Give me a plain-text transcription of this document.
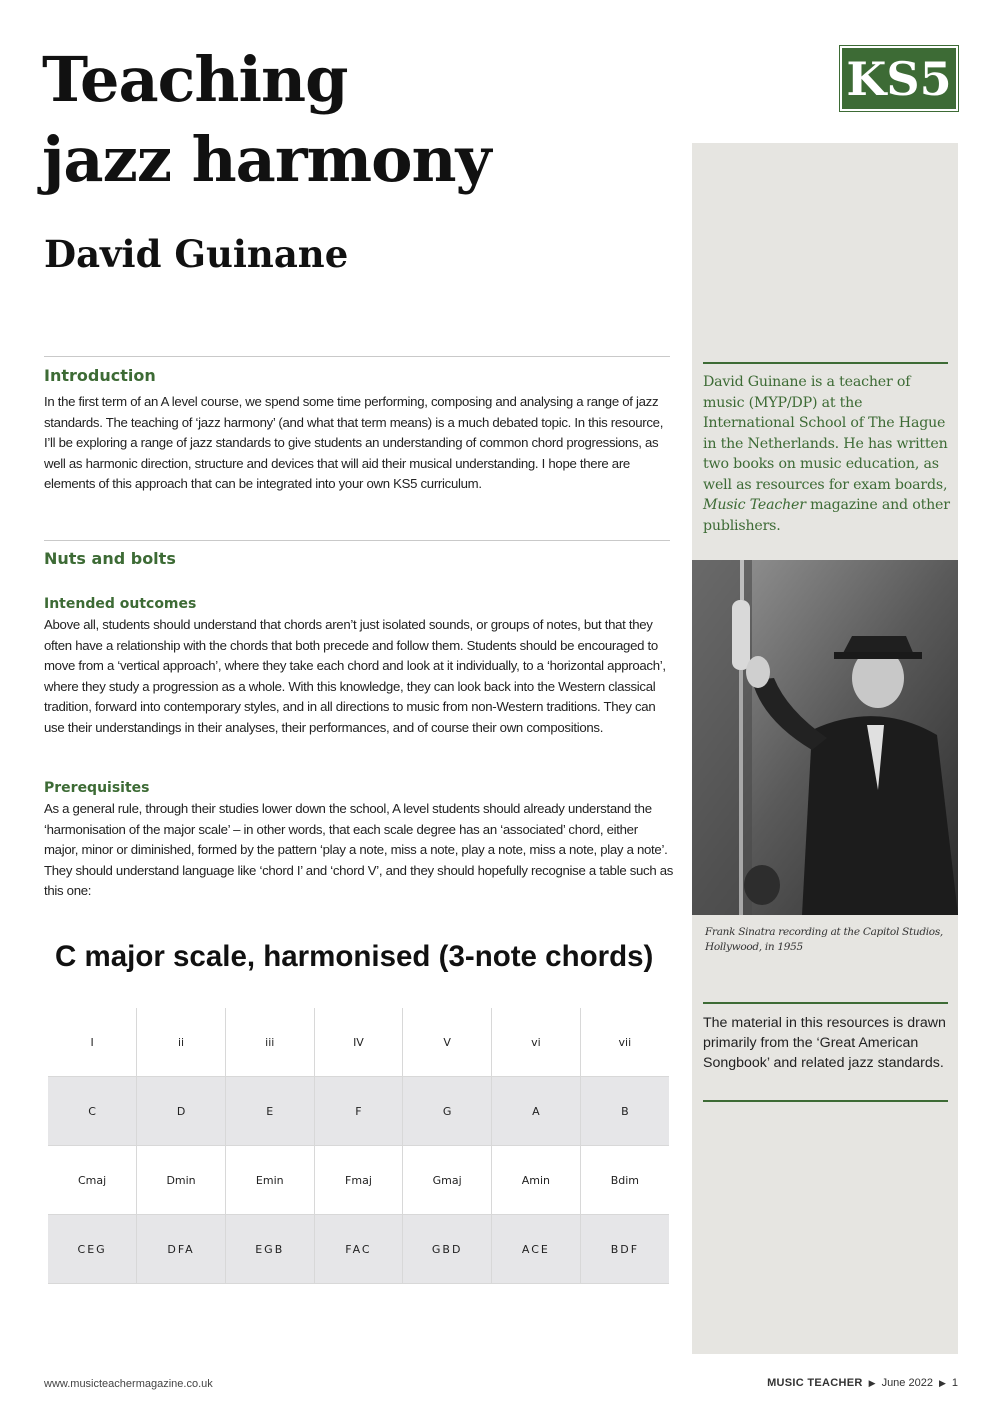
Teaching
jazz harmony
David Guinane
KS5
Introduction

In the first term of an A level course, we spend some time performing, composing and analysing a range of jazz standards. The teaching of ‘jazz harmony’ (and what that term means) is a much debated topic. In this resource, I’ll be exploring a range of jazz standards to give students an understanding of common chord progressions, as well as harmonic direction, structure and devices that will aid their musical understanding. I hope there are elements of this approach that can be integrated into your own KS5 curriculum.

Nuts and bolts
Intended outcomes

Above all, students should understand that chords aren’t just isolated sounds, or groups of notes, but that they often have a relationship with the chords that both precede and follow them. Students should be encouraged to move from a ‘vertical approach’, where they take each chord and look at it individually, to a ‘horizontal approach’, where they study a progression as a whole. With this knowledge, they can look back into the Western classical tradition, forward into contemporary styles, and in all directions to music from non-Western traditions. They can use their understandings in their analyses, their performances, and of course their own compositions.

Prerequisites

As a general rule, through their studies lower down the school, A level students should already understand the ‘harmonisation of the major scale’ – in other words, that each scale degree has an ‘associated’ chord, either major, minor or diminished, formed by the pattern ‘play a note, miss a note, play a note, miss a note, play a note’. They should understand language like ‘chord I’ and ‘chord V’, and they should hopefully recognise a table such as this one:

C major scale, harmonised (3-note chords)
I	ii	iii	IV	V	vi	vii
C	D	E	F	G	A	B
Cmaj	Dmin	Emin	Fmaj	Gmaj	Amin	Bdim
CEG	DFA	EGB	FAC	GBD	ACE	BDF

David Guinane is a teacher of music (MYP/DP) at the International School of The Hague in the Netherlands. He has written two books on music education, as well as resources for exam boards, Music Teacher magazine and other publishers.

Frank Sinatra recording at the Capitol Studios, Hollywood, in 1955

The material in this resources is drawn primarily from the ‘Great American Songbook’ and related jazz standards.

www.musicteachermagazine.co.uk	MUSIC TEACHER ▶ June 2022 ▶ 1
